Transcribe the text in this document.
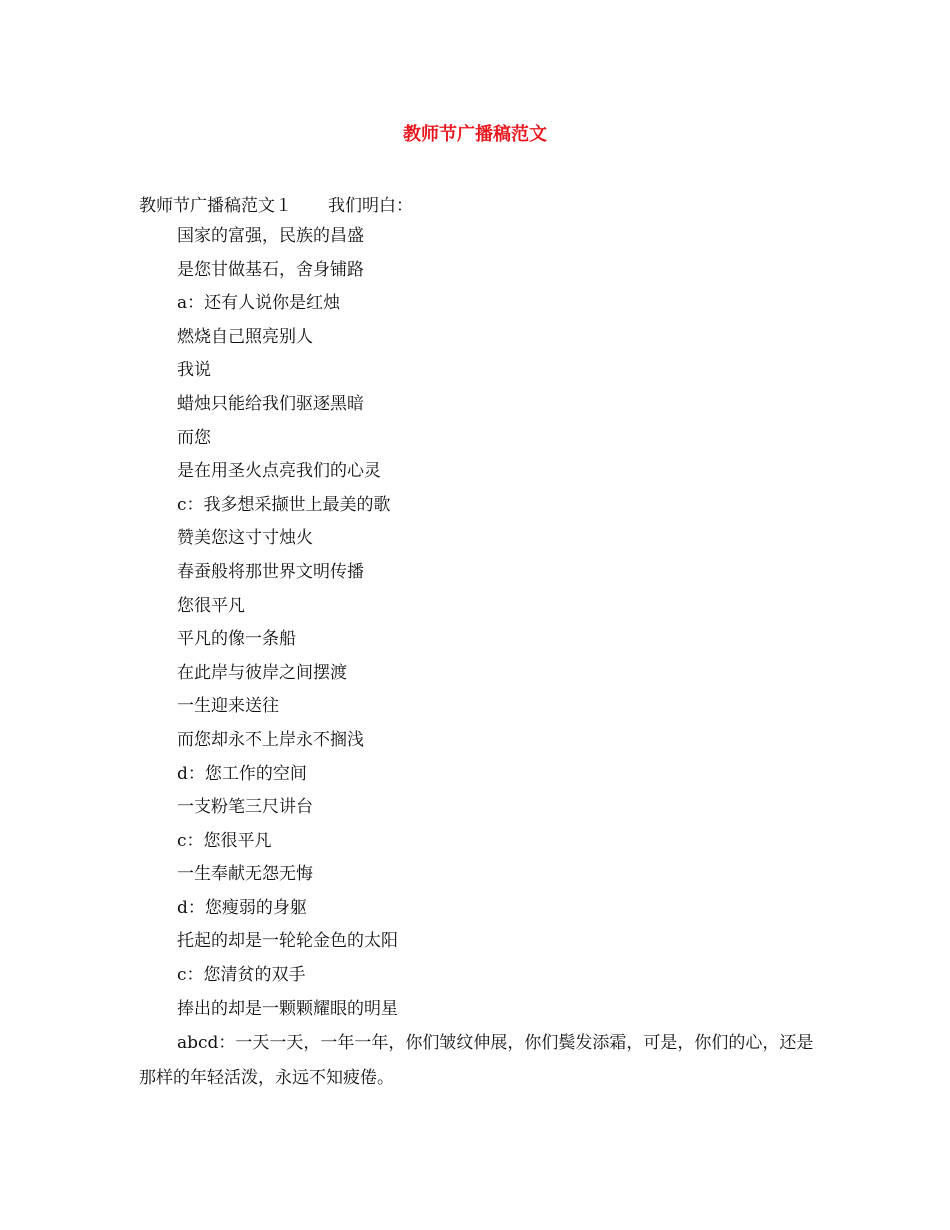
教师节广播稿范文
教师节广播稿范文１ 我们明白：
国家的富强，民族的昌盛
是您甘做基石，舍身铺路
a：还有人说你是红烛
燃烧自己照亮别人
我说
蜡烛只能给我们驱逐黑暗
而您
是在用圣火点亮我们的心灵
c：我多想采撷世上最美的歌
赞美您这寸寸烛火
春蚕般将那世界文明传播
您很平凡
平凡的像一条船
在此岸与彼岸之间摆渡
一生迎来送往
而您却永不上岸永不搁浅
d：您工作的空间
一支粉笔三尺讲台
c：您很平凡
一生奉献无怨无悔
d：您瘦弱的身躯
托起的却是一轮轮金色的太阳
c：您清贫的双手
捧出的却是一颗颗耀眼的明星
abcd：一天一天，一年一年，你们皱纹伸展，你们鬓发添霜，可是，你们的心，还是那样的年轻活泼，永远不知疲倦。
